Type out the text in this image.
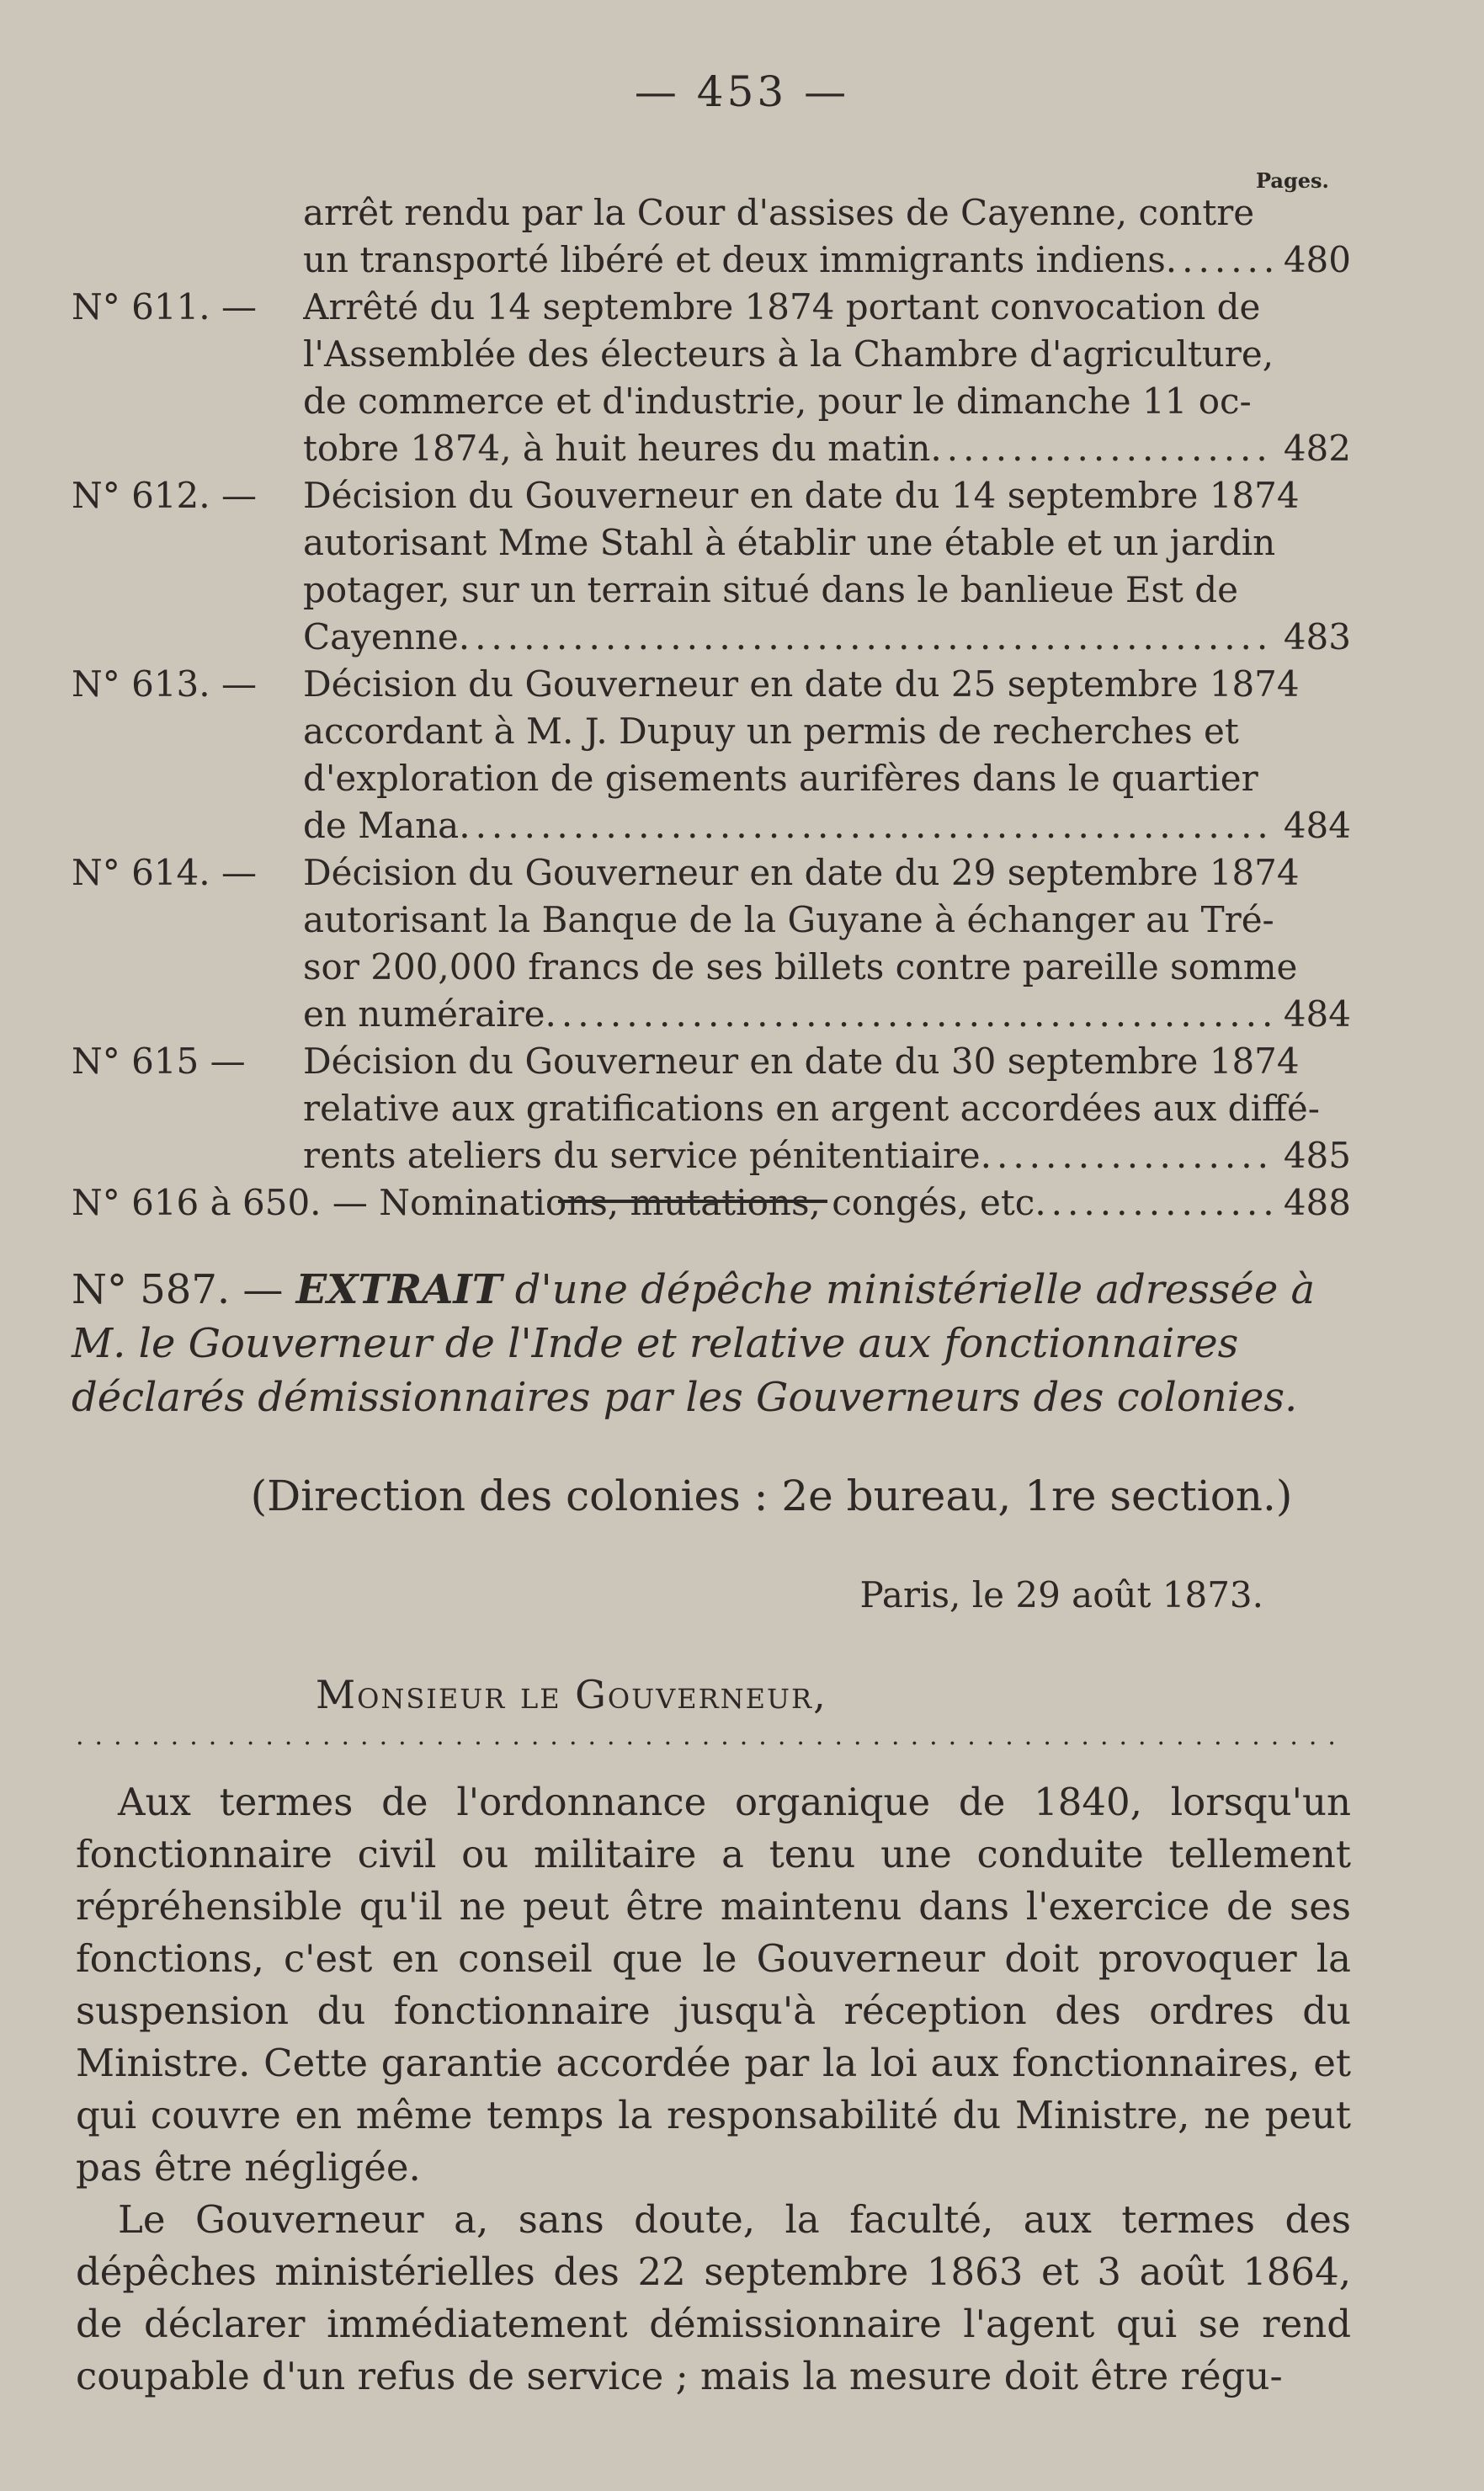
— 453 —
Pages.
arrêt rendu par la Cour d'assises de Cayenne, contre
un transporté libéré et deux immigrants indiens .....	480
N° 611. — Arrêté du 14 septembre 1874 portant convocation de
l'Assemblée des électeurs à la Chambre d'agriculture,
de commerce et d'industrie, pour le dimanche 11 oc-
tobre 1874, à huit heures du matin .....	482
N° 612. — Décision du Gouverneur en date du 14 septembre 1874
autorisant Mme Stahl à établir une étable et un jardin
potager, sur un terrain situé dans le banlieue Est de
Cayenne .....	483
N° 613. — Décision du Gouverneur en date du 25 septembre 1874
accordant à M. J. Dupuy un permis de recherches et
d'exploration de gisements aurifères dans le quartier
de Mana .....	484
N° 614. — Décision du Gouverneur en date du 29 septembre 1874
autorisant la Banque de la Guyane à échanger au Tré-
sor 200,000 francs de ses billets contre pareille somme
en numéraire .....	484
N° 615 — Décision du Gouverneur en date du 30 septembre 1874
relative aux gratifications en argent accordées aux diffé-
rents ateliers du service pénitentiaire .....	485
N° 616 à 650. — Nominations, mutations, congés, etc .....	488
N° 587. — EXTRAIT d'une dépêche ministérielle adressée à M. le Gouverneur de l'Inde et relative aux fonctionnaires déclarés démissionnaires par les Gouverneurs des colonies.
(Direction des colonies : 2e bureau, 1re section.)
Paris, le 29 août 1873.
Monsieur le Gouverneur,
·····

Aux termes de l'ordonnance organique de 1840, lorsqu'un fonctionnaire civil ou militaire a tenu une conduite tellement répréhensible qu'il ne peut être maintenu dans l'exercice de ses fonctions, c'est en conseil que le Gouverneur doit provoquer la suspension du fonctionnaire jusqu'à réception des ordres du Ministre. Cette garantie accordée par la loi aux fonctionnaires, et qui couvre en même temps la responsabilité du Ministre, ne peut pas être négligée.

Le Gouverneur a, sans doute, la faculté, aux termes des dépêches ministérielles des 22 septembre 1863 et 3 août 1864, de déclarer immédiatement démissionnaire l'agent qui se rend coupable d'un refus de service ; mais la mesure doit être régu-
